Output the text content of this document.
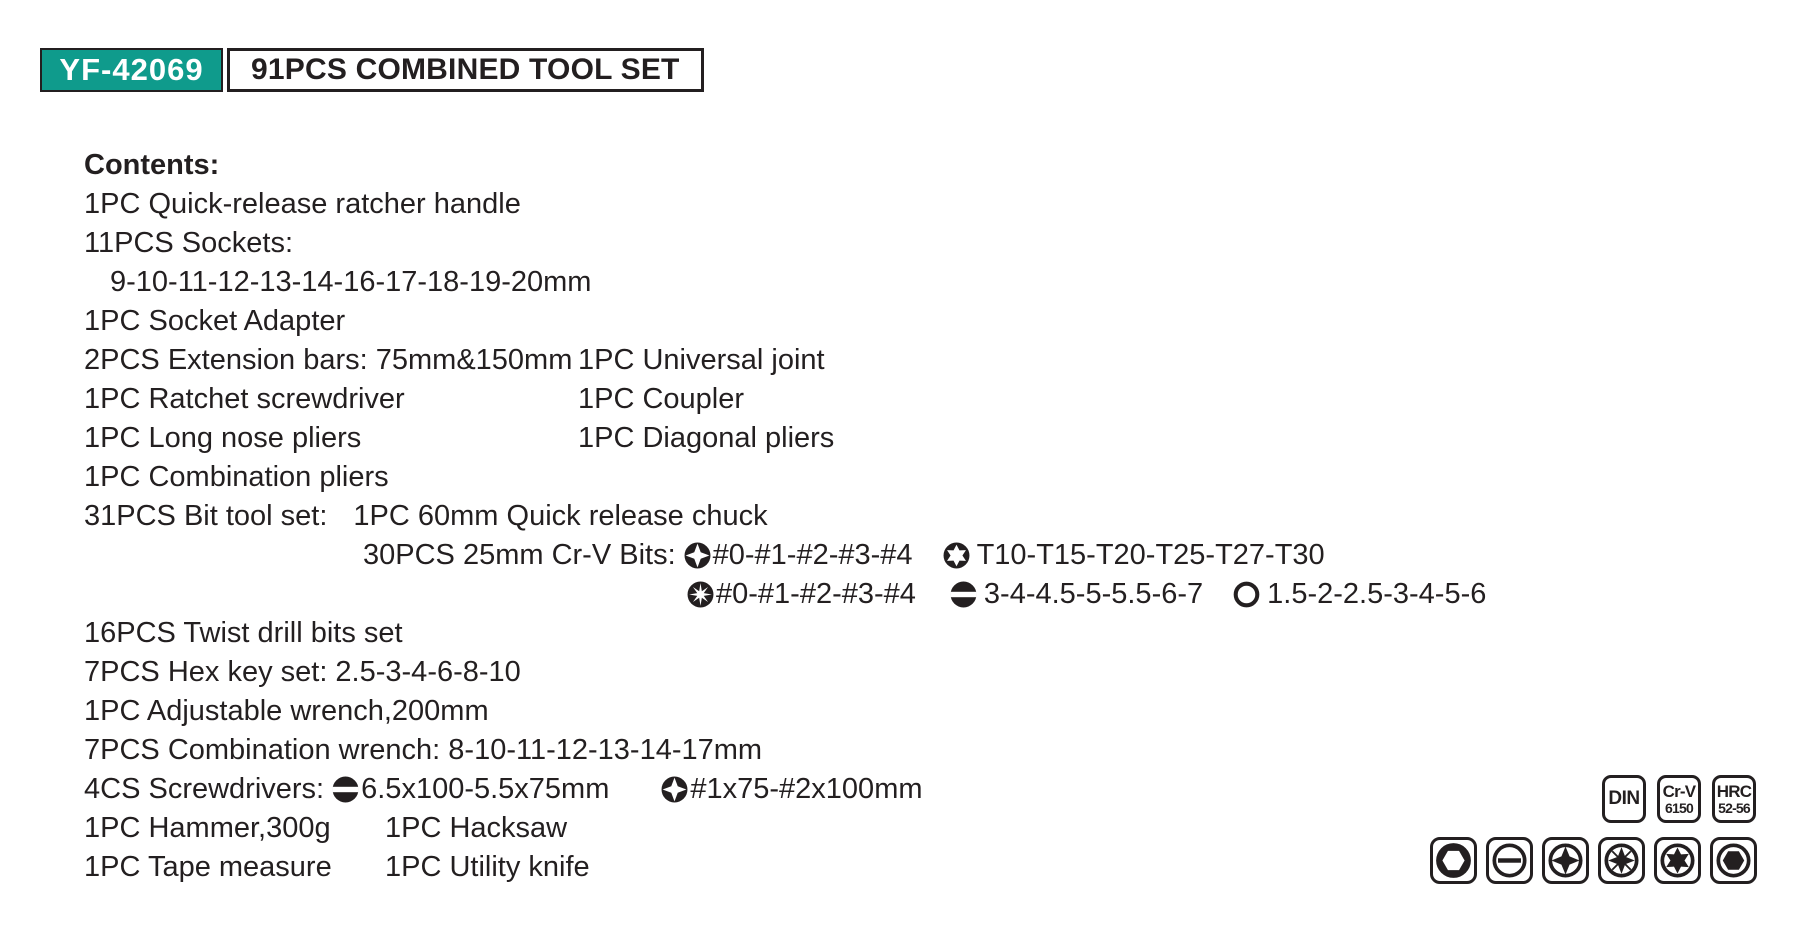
YF-42069 91PCS COMBINED TOOL SET
Contents:
1PC Quick-release ratcher handle
11PCS Sockets:
9-10-11-12-13-14-16-17-18-19-20mm
1PC Socket Adapter
2PCS Extension bars: 75mm&150mm 1PC Universal joint
1PC Ratchet screwdriver	1PC Coupler
1PC Long nose pliers	1PC Diagonal pliers
1PC Combination pliers
31PCS Bit tool set: 1PC 60mm Quick release chuck
30PCS 25mm Cr-V Bits: #0-#1-#2-#3-#4 T10-T15-T20-T25-T27-T30
#0-#1-#2-#3-#4 3-4-4.5-5-5.5-6-7 1.5-2-2.5-3-4-5-6
16PCS Twist drill bits set
7PCS Hex key set: 2.5-3-4-6-8-10
1PC Adjustable wrench,200mm
7PCS Combination wrench: 8-10-11-12-13-14-17mm
4CS Screwdrivers: 6.5x100-5.5x75mm	#1x75-#2x100mm
1PC Hammer,300g 1PC Hacksaw
1PC Tape measure 1PC Utility knife
DIN Cr-V
6150
HRC
52-56
